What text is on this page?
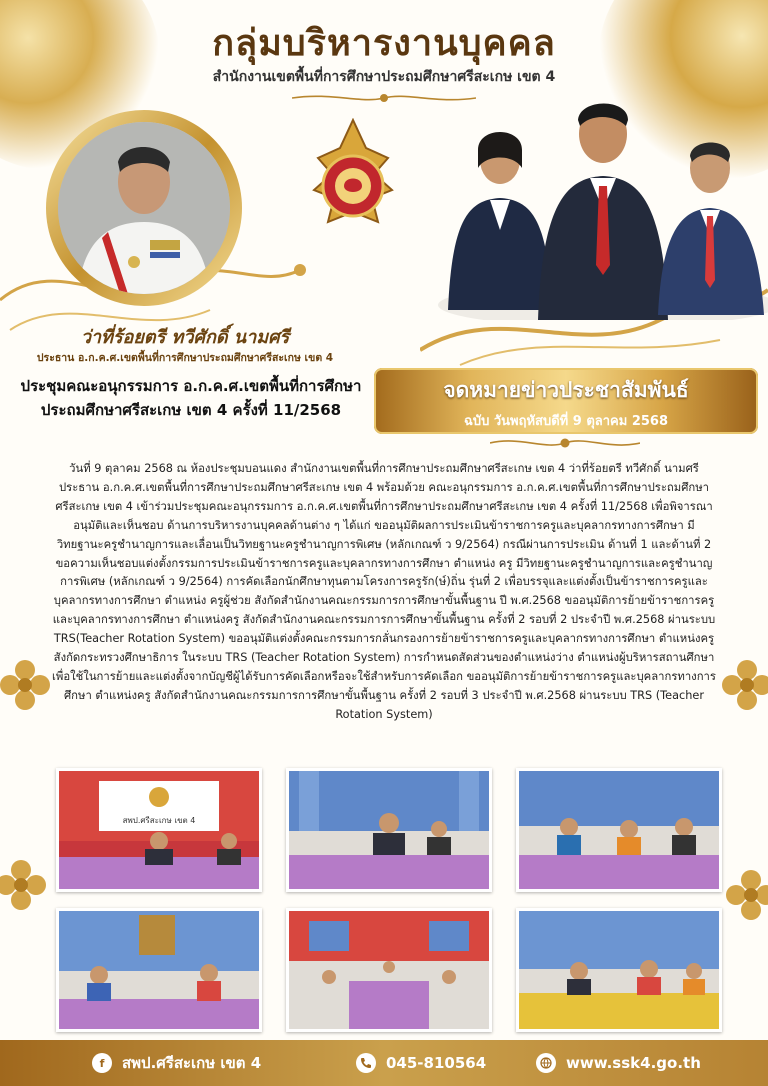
กลุ่มบริหารงานบุคคล
สำนักงานเขตพื้นที่การศึกษาประถมศึกษาศรีสะเกษ เขต 4
ว่าที่ร้อยตรี ทวีศักดิ์ นามศรี
ประธาน อ.ก.ค.ศ.เขตพื้นที่การศึกษาประถมศึกษาศรีสะเกษ เขต 4
ประชุมคณะอนุกรรมการ อ.ก.ค.ศ.เขตพื้นที่การศึกษา
ประถมศึกษาศรีสะเกษ เขต 4 ครั้งที่ 11/2568
จดหมายข่าวประชาสัมพันธ์
ฉบับ วันพฤหัสบดีที่ 9 ตุลาคม 2568
วันที่ 9 ตุลาคม 2568 ณ ห้องประชุมบอนแดง สำนักงานเขตพื้นที่การศึกษาประถมศึกษาศรีสะเกษ เขต 4 ว่าที่ร้อยตรี ทวีศักดิ์ นามศรี ประธาน อ.ก.ค.ศ.เขตพื้นที่การศึกษาประถมศึกษาศรีสะเกษ เขต 4 พร้อมด้วย คณะอนุกรรมการ อ.ก.ค.ศ.เขตพื้นที่การศึกษาประถมศึกษาศรีสะเกษ เขต 4 เข้าร่วมประชุมคณะอนุกรรมการ อ.ก.ค.ศ.เขตพื้นที่การศึกษาประถมศึกษาศรีสะเกษ เขต 4 ครั้งที่ 11/2568 เพื่อพิจารณาอนุมัติและเห็นชอบ ด้านการบริหารงานบุคคลด้านต่าง ๆ ได้แก่ ขออนุมัติผลการประเมินข้าราชการครูและบุคลากรทางการศึกษา มีวิทยฐานะครูชำนาญการและเลื่อนเป็นวิทยฐานะครูชำนาญการพิเศษ (หลักเกณฑ์ ว 9/2564) กรณีผ่านการประเมิน ด้านที่ 1 และด้านที่ 2 ขอความเห็นชอบแต่งตั้งกรรมการประเมินข้าราชการครูและบุคลากรทางการศึกษา ตำแหน่ง ครู มีวิทยฐานะครูชำนาญการและครูชำนาญการพิเศษ (หลักเกณฑ์ ว 9/2564) การคัดเลือกนักศึกษาทุนตามโครงการครูรัก(ษ์)ถิ่น รุ่นที่ 2 เพื่อบรรจุและแต่งตั้งเป็นข้าราชการครูและบุคลากรทางการศึกษา ตำแหน่ง ครูผู้ช่วย สังกัดสำนักงานคณะกรรมการการศึกษาขั้นพื้นฐาน ปี พ.ศ.2568 ขออนุมัติการย้ายข้าราชการครูและบุคลากรทางการศึกษา ตำแหน่งครู สังกัดสำนักงานคณะกรรมการการศึกษาขั้นพื้นฐาน ครั้งที่ 2 รอบที่ 2 ประจำปี พ.ศ.2568 ผ่านระบบ TRS(Teacher Rotation System) ขออนุมัติแต่งตั้งคณะกรรมการกลั่นกรองการย้ายข้าราชการครูและบุคลากรทางการศึกษา ตำแหน่งครู สังกัดกระทรวงศึกษาธิการ ในระบบ TRS (Teacher Rotation System) การกำหนดสัดส่วนของตำแหน่งว่าง ตำแหน่งผู้บริหารสถานศึกษาเพื่อใช้ในการย้ายและแต่งตั้งจากบัญชีผู้ได้รับการคัดเลือกหรือจะใช้สำหรับการคัดเลือก ขออนุมัติการย้ายข้าราชการครูและบุคลากรทางการศึกษา ตำแหน่งครู สังกัดสำนักงานคณะกรรมการการศึกษาขั้นพื้นฐาน ครั้งที่ 2 รอบที่ 3 ประจำปี พ.ศ.2568 ผ่านระบบ TRS (Teacher Rotation System)
สพป.ศรีสะเกษ เขต 4
f	สพป.ศรีสะเกษ เขต 4	045-810564	www.ssk4.go.th
